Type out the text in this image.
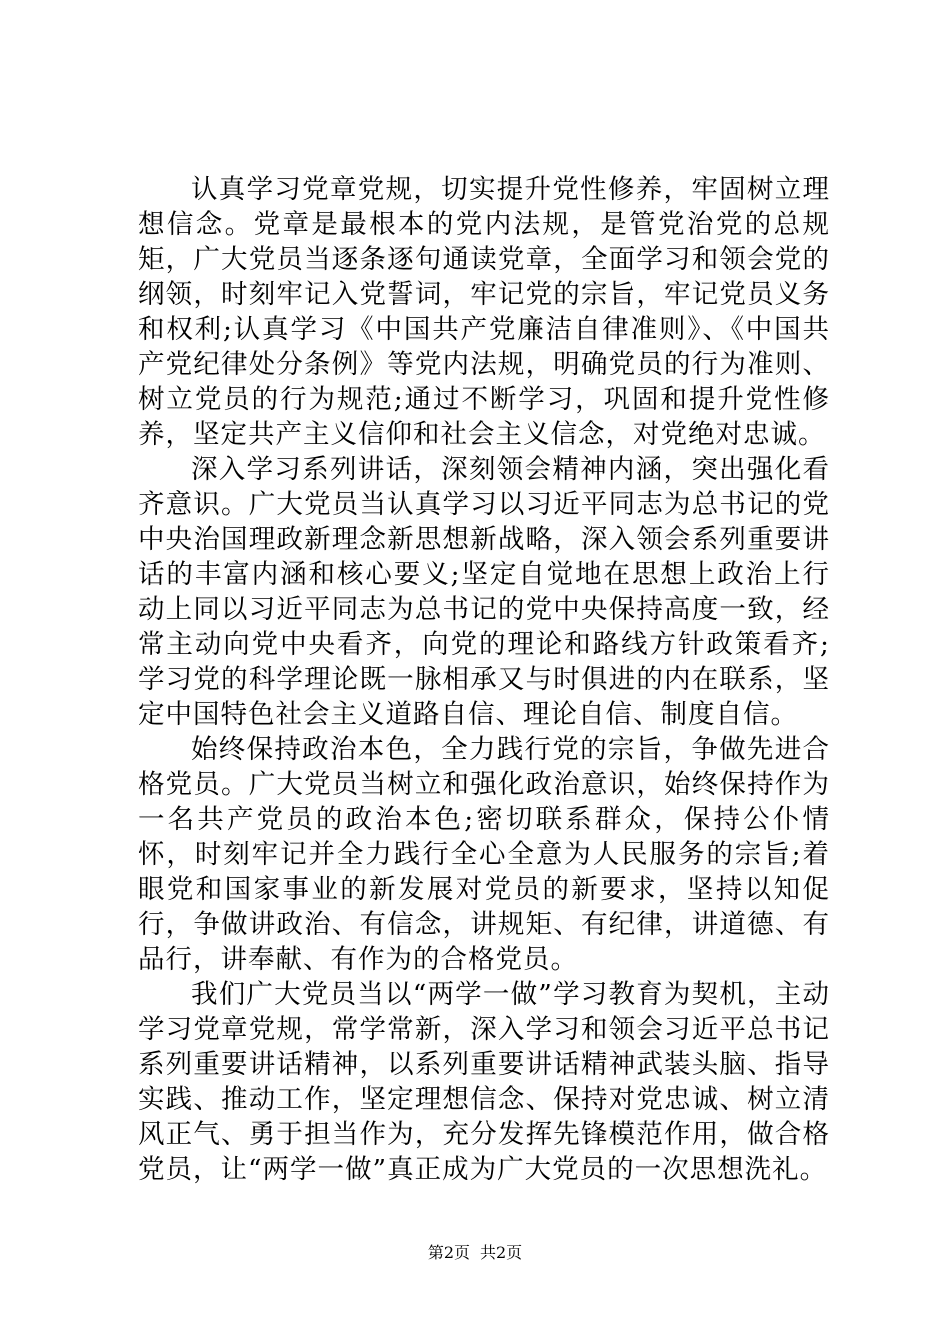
认真学习党章党规，切实提升党性修养，牢固树立理想信念。党章是最根本的党内法规，是管党治党的总规矩，广大党员当逐条逐句通读党章，全面学习和领会党的纲领，时刻牢记入党誓词，牢记党的宗旨，牢记党员义务和权利;认真学习《中国共产党廉洁自律准则》、《中国共产党纪律处分条例》等党内法规，明确党员的行为准则、树立党员的行为规范;通过不断学习，巩固和提升党性修养，坚定共产主义信仰和社会主义信念，对党绝对忠诚。

深入学习系列讲话，深刻领会精神内涵，突出强化看齐意识。广大党员当认真学习以习近平同志为总书记的党中央治国理政新理念新思想新战略，深入领会系列重要讲话的丰富内涵和核心要义;坚定自觉地在思想上政治上行动上同以习近平同志为总书记的党中央保持高度一致，经常主动向党中央看齐，向党的理论和路线方针政策看齐;学习党的科学理论既一脉相承又与时俱进的内在联系，坚定中国特色社会主义道路自信、理论自信、制度自信。

始终保持政治本色，全力践行党的宗旨，争做先进合格党员。广大党员当树立和强化政治意识，始终保持作为一名共产党员的政治本色;密切联系群众，保持公仆情怀，时刻牢记并全力践行全心全意为人民服务的宗旨;着眼党和国家事业的新发展对党员的新要求，坚持以知促行，争做讲政治、有信念，讲规矩、有纪律，讲道德、有品行，讲奉献、有作为的合格党员。

我们广大党员当以“两学一做”学习教育为契机，主动学习党章党规，常学常新，深入学习和领会习近平总书记系列重要讲话精神，以系列重要讲话精神武装头脑、指导实践、推动工作，坚定理想信念、保持对党忠诚、树立清风正气、勇于担当作为，充分发挥先锋模范作用，做合格党员，让“两学一做”真正成为广大党员的一次思想洗礼。

第2页 共2页
